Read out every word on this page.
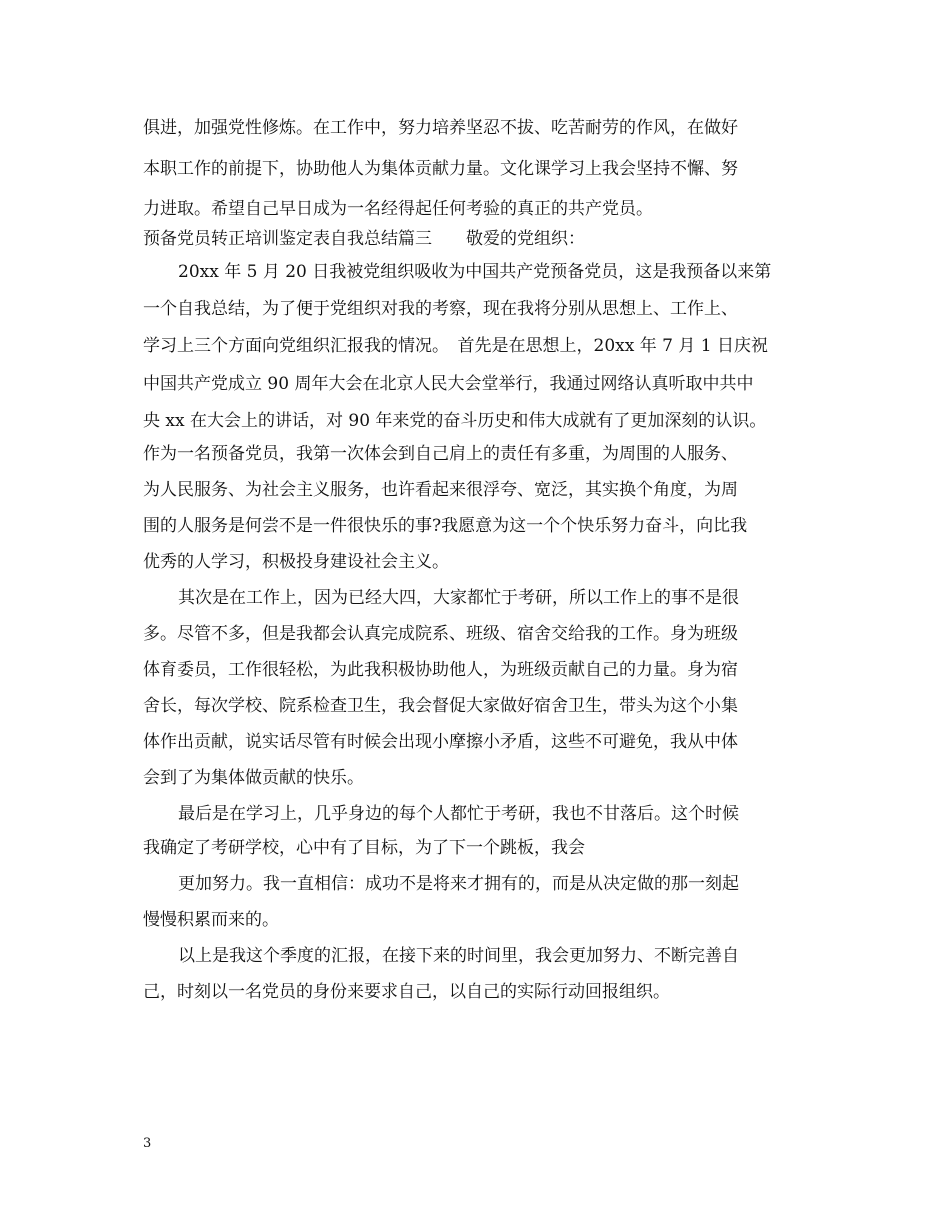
俱进，加强党性修炼。在工作中，努力培养坚忍不拔、吃苦耐劳的作风，在做好
本职工作的前提下，协助他人为集体贡献力量。文化课学习上我会坚持不懈、努
力进取。希望自己早日成为一名经得起任何考验的真正的共产党员。
预备党员转正培训鉴定表自我总结篇三　　敬爱的党组织：
20xx 年 5 月 20 日我被党组织吸收为中国共产党预备党员，这是我预备以来第
一个自我总结，为了便于党组织对我的考察，现在我将分别从思想上、工作上、
学习上三个方面向党组织汇报我的情况。　首先是在思想上，20xx 年 7 月 1 日庆祝
中国共产党成立 90 周年大会在北京人民大会堂举行，我通过网络认真听取中共中
央 xx 在大会上的讲话，对 90 年来党的奋斗历史和伟大成就有了更加深刻的认识。
作为一名预备党员，我第一次体会到自己肩上的责任有多重，为周围的人服务、
为人民服务、为社会主义服务，也许看起来很浮夸、宽泛，其实换个角度，为周
围的人服务是何尝不是一件很快乐的事?我愿意为这一个个快乐努力奋斗，向比我
优秀的人学习，积极投身建设社会主义。
其次是在工作上，因为已经大四，大家都忙于考研，所以工作上的事不是很
多。尽管不多，但是我都会认真完成院系、班级、宿舍交给我的工作。身为班级
体育委员，工作很轻松，为此我积极协助他人，为班级贡献自己的力量。身为宿
舍长，每次学校、院系检查卫生，我会督促大家做好宿舍卫生，带头为这个小集
体作出贡献，说实话尽管有时候会出现小摩擦小矛盾，这些不可避免，我从中体
会到了为集体做贡献的快乐。
最后是在学习上，几乎身边的每个人都忙于考研，我也不甘落后。这个时候
我确定了考研学校，心中有了目标，为了下一个跳板，我会
更加努力。我一直相信：成功不是将来才拥有的，而是从决定做的那一刻起
慢慢积累而来的。
以上是我这个季度的汇报，在接下来的时间里，我会更加努力、不断完善自
己，时刻以一名党员的身份来要求自己，以自己的实际行动回报组织。
3
